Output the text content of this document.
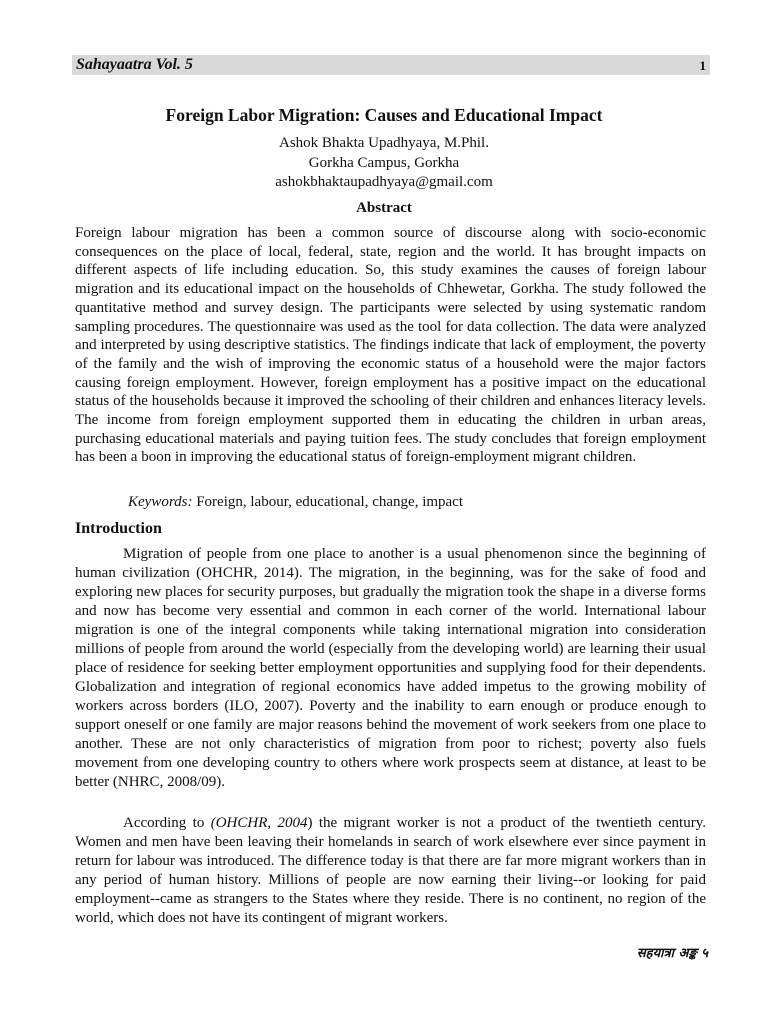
Sahayaatra Vol. 5	1
Foreign Labor Migration: Causes and Educational Impact
Ashok Bhakta Upadhyaya, M.Phil.
Gorkha Campus, Gorkha
ashokbhaktaupadhyaya@gmail.com
Abstract
Foreign labour migration has been a common source of discourse along with socio-economic consequences on the place of local, federal, state, region and the world. It has brought impacts on different aspects of life including education. So, this study examines the causes of foreign labour migration and its educational impact on the households of Chhewetar, Gorkha. The study followed the quantitative method and survey design. The participants were selected by using systematic random sampling procedures. The questionnaire was used as the tool for data collection. The data were analyzed and interpreted by using descriptive statistics. The findings indicate that lack of employment, the poverty of the family and the wish of improving the economic status of a household were the major factors causing foreign employment. However, foreign employment has a positive impact on the educational status of the households because it improved the schooling of their children and enhances literacy levels. The income from foreign employment supported them in educating the children in urban areas, purchasing educational materials and paying tuition fees. The study concludes that foreign employment has been a boon in improving the educational status of foreign-employment migrant children.
Keywords: Foreign, labour, educational, change, impact
Introduction
Migration of people from one place to another is a usual phenomenon since the beginning of human civilization (OHCHR, 2014). The migration, in the beginning, was for the sake of food and exploring new places for security purposes, but gradually the migration took the shape in a diverse forms and now has become very essential and common in each corner of the world. International labour migration is one of the integral components while taking international migration into consideration millions of people from around the world (especially from the developing world) are learning their usual place of residence for seeking better employment opportunities and supplying food for their dependents. Globalization and integration of regional economics have added impetus to the growing mobility of workers across borders (ILO, 2007). Poverty and the inability to earn enough or produce enough to support oneself or one family are major reasons behind the movement of work seekers from one place to another. These are not only characteristics of migration from poor to richest; poverty also fuels movement from one developing country to others where work prospects seem at distance, at least to be better (NHRC, 2008/09).
According to (OHCHR, 2004) the migrant worker is not a product of the twentieth century. Women and men have been leaving their homelands in search of work elsewhere ever since payment in return for labour was introduced. The difference today is that there are far more migrant workers than in any period of human history. Millions of people are now earning their living--or looking for paid employment--came as strangers to the States where they reside. There is no continent, no region of the world, which does not have its contingent of migrant workers.
सहयात्रा अङ्क ५
